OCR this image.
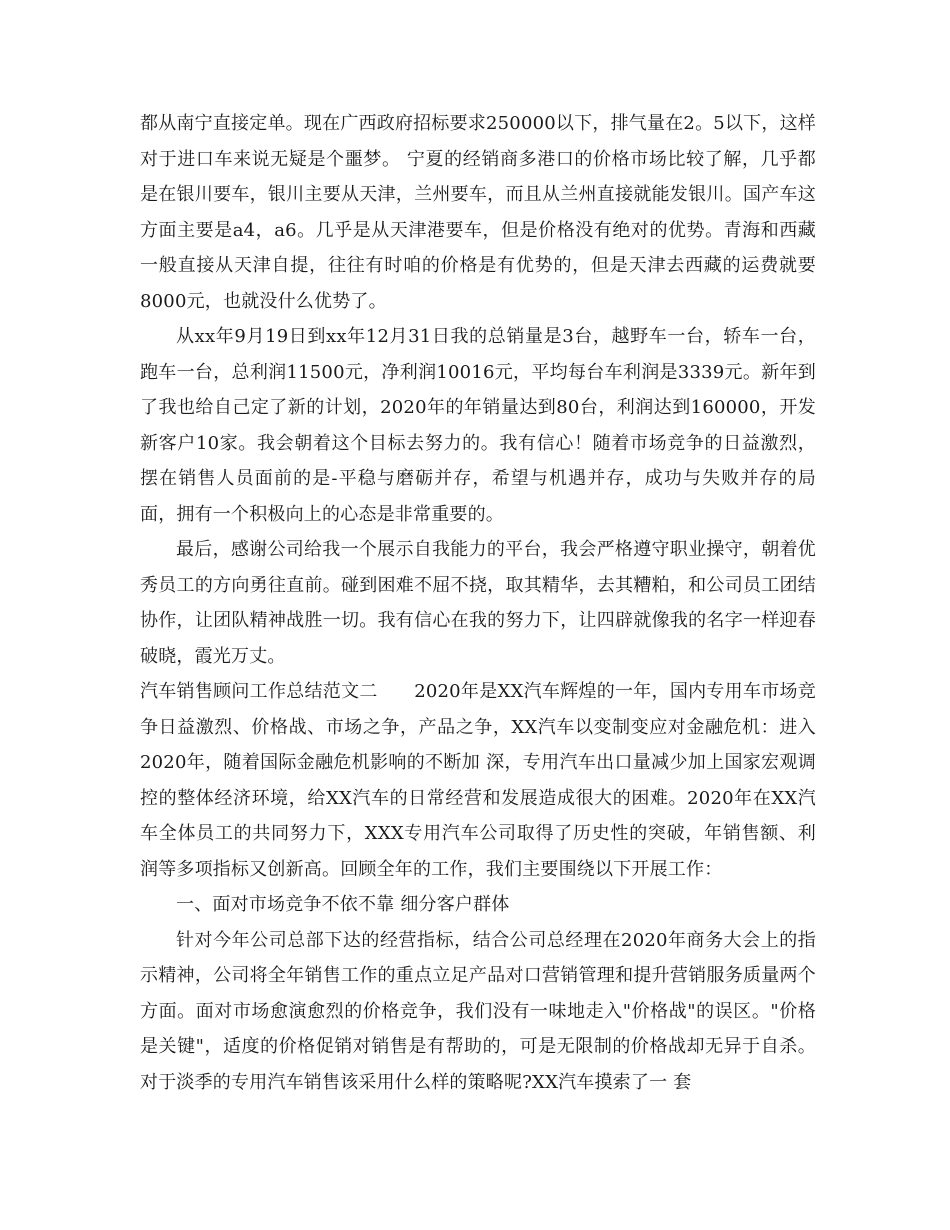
都从南宁直接定单。现在广西政府招标要求250000以下，排气量在2。5以下，这样对于进口车来说无疑是个噩梦。 宁夏的经销商多港口的价格市场比较了解，几乎都是在银川要车，银川主要从天津，兰州要车，而且从兰州直接就能发银川。国产车这方面主要是a4，a6。几乎是从天津港要车，但是价格没有绝对的优势。青海和西藏一般直接从天津自提，往往有时咱的价格是有优势的，但是天津去西藏的运费就要8000元，也就没什么优势了。

从xx年9月19日到xx年12月31日我的总销量是3台，越野车一台，轿车一台，跑车一台，总利润11500元，净利润10016元，平均每台车利润是3339元。新年到了我也给自己定了新的计划，2020年的年销量达到80台，利润达到160000，开发新客户10家。我会朝着这个目标去努力的。我有信心！随着市场竞争的日益激烈，摆在销售人员面前的是-平稳与磨砺并存，希望与机遇并存，成功与失败并存的局面，拥有一个积极向上的心态是非常重要的。

最后，感谢公司给我一个展示自我能力的平台，我会严格遵守职业操守，朝着优秀员工的方向勇往直前。碰到困难不屈不挠，取其精华，去其糟粕，和公司员工团结协作，让团队精神战胜一切。我有信心在我的努力下，让四辟就像我的名字一样迎春破晓，霞光万丈。

汽车销售顾问工作总结范文二　　2020年是XX汽车辉煌的一年，国内专用车市场竞争日益激烈、价格战、市场之争，产品之争，XX汽车以变制变应对金融危机：进入2020年，随着国际金融危机影响的不断加 深，专用汽车出口量减少加上国家宏观调控的整体经济环境，给XX汽车的日常经营和发展造成很大的困难。2020年在XX汽车全体员工的共同努力下，XXX专用汽车公司取得了历史性的突破，年销售额、利润等多项指标又创新高。回顾全年的工作，我们主要围绕以下开展工作：

一、面对市场竞争不依不靠 细分客户群体

针对今年公司总部下达的经营指标，结合公司总经理在2020年商务大会上的指示精神，公司将全年销售工作的重点立足产品对口营销管理和提升营销服务质量两个方面。面对市场愈演愈烈的价格竞争，我们没有一味地走入"价格战"的误区。"价格是关键"，适度的价格促销对销售是有帮助的，可是无限制的价格战却无异于自杀。对于淡季的专用汽车销售该采用什么样的策略呢?XX汽车摸索了一 套
